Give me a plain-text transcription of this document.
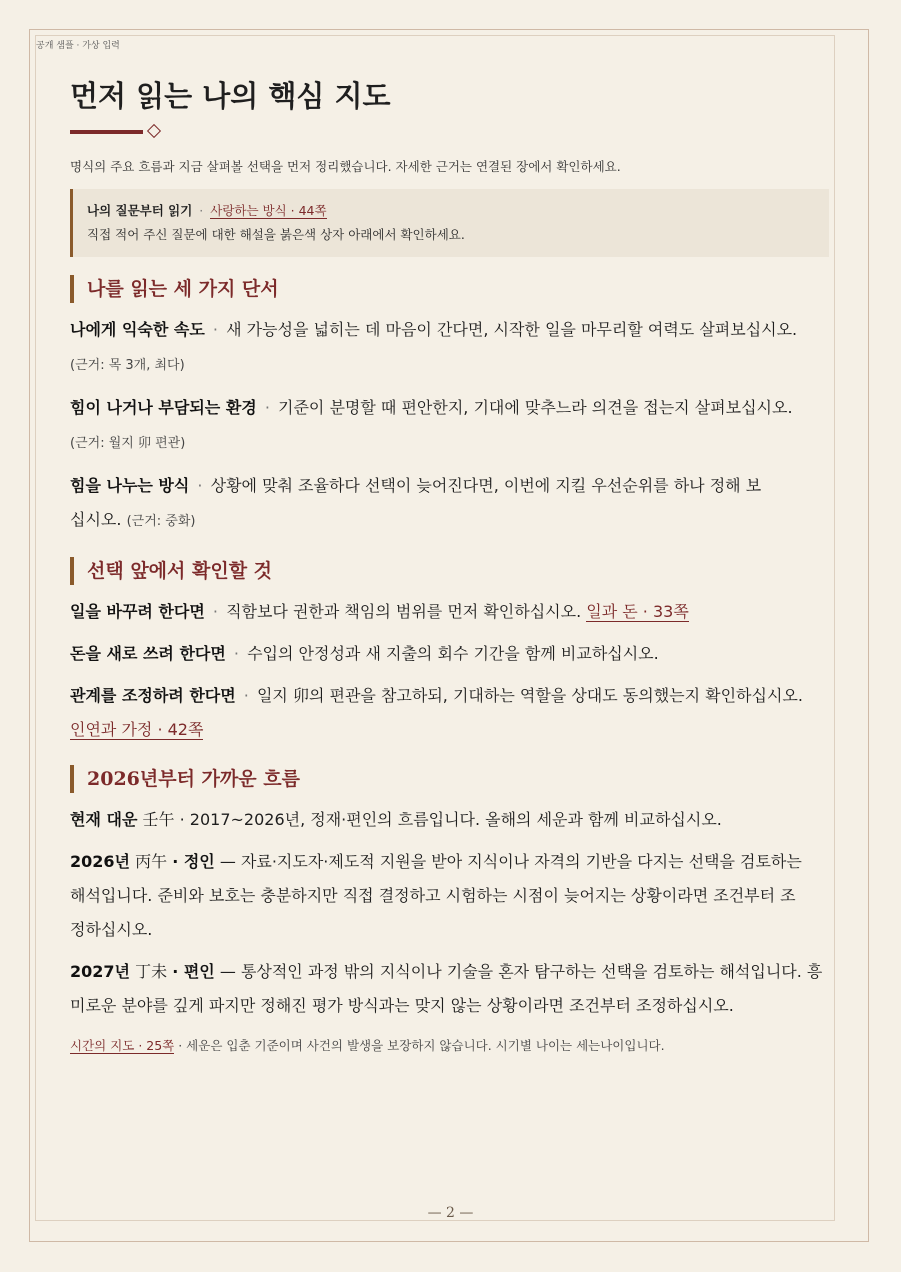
공개 샘플 · 가상 입력
먼저 읽는 나의 핵심 지도
명식의 주요 흐름과 지금 살펴볼 선택을 먼저 정리했습니다. 자세한 근거는 연결된 장에서 확인하세요.
나의 질문부터 읽기 · 사랑하는 방식 · 44쪽
직접 적어 주신 질문에 대한 해설을 붉은색 상자 아래에서 확인하세요.
나를 읽는 세 가지 단서
나에게 익숙한 속도 · 새 가능성을 넓히는 데 마음이 간다면, 시작한 일을 마무리할 여력도 살펴보십시오.
(근거: 목 3개, 최다)
힘이 나거나 부담되는 환경 · 기준이 분명할 때 편안한지, 기대에 맞추느라 의견을 접는지 살펴보십시오.
(근거: 월지 卯 편관)
힘을 나누는 방식 · 상황에 맞춰 조율하다 선택이 늦어진다면, 이번에 지킬 우선순위를 하나 정해 보십시오. (근거: 중화)
선택 앞에서 확인할 것
일을 바꾸려 한다면 · 직함보다 권한과 책임의 범위를 먼저 확인하십시오. 일과 돈 · 33쪽
돈을 새로 쓰려 한다면 · 수입의 안정성과 새 지출의 회수 기간을 함께 비교하십시오.
관계를 조정하려 한다면 · 일지 卯의 편관을 참고하되, 기대하는 역할을 상대도 동의했는지 확인하십시오.
인연과 가정 · 42쪽
2026년부터 가까운 흐름
현재 대운 壬午 · 2017~2026년, 정재·편인의 흐름입니다. 올해의 세운과 함께 비교하십시오.
2026년 丙午 · 정인 — 자료·지도자·제도적 지원을 받아 지식이나 자격의 기반을 다지는 선택을 검토하는 해석입니다. 준비와 보호는 충분하지만 직접 결정하고 시험하는 시점이 늦어지는 상황이라면 조건부터 조정하십시오.
2027년 丁未 · 편인 — 통상적인 과정 밖의 지식이나 기술을 혼자 탐구하는 선택을 검토하는 해석입니다. 흥미로운 분야를 깊게 파지만 정해진 평가 방식과는 맞지 않는 상황이라면 조건부터 조정하십시오.
시간의 지도 · 25쪽 · 세운은 입춘 기준이며 사건의 발생을 보장하지 않습니다. 시기별 나이는 세는나이입니다.
— 2 —
